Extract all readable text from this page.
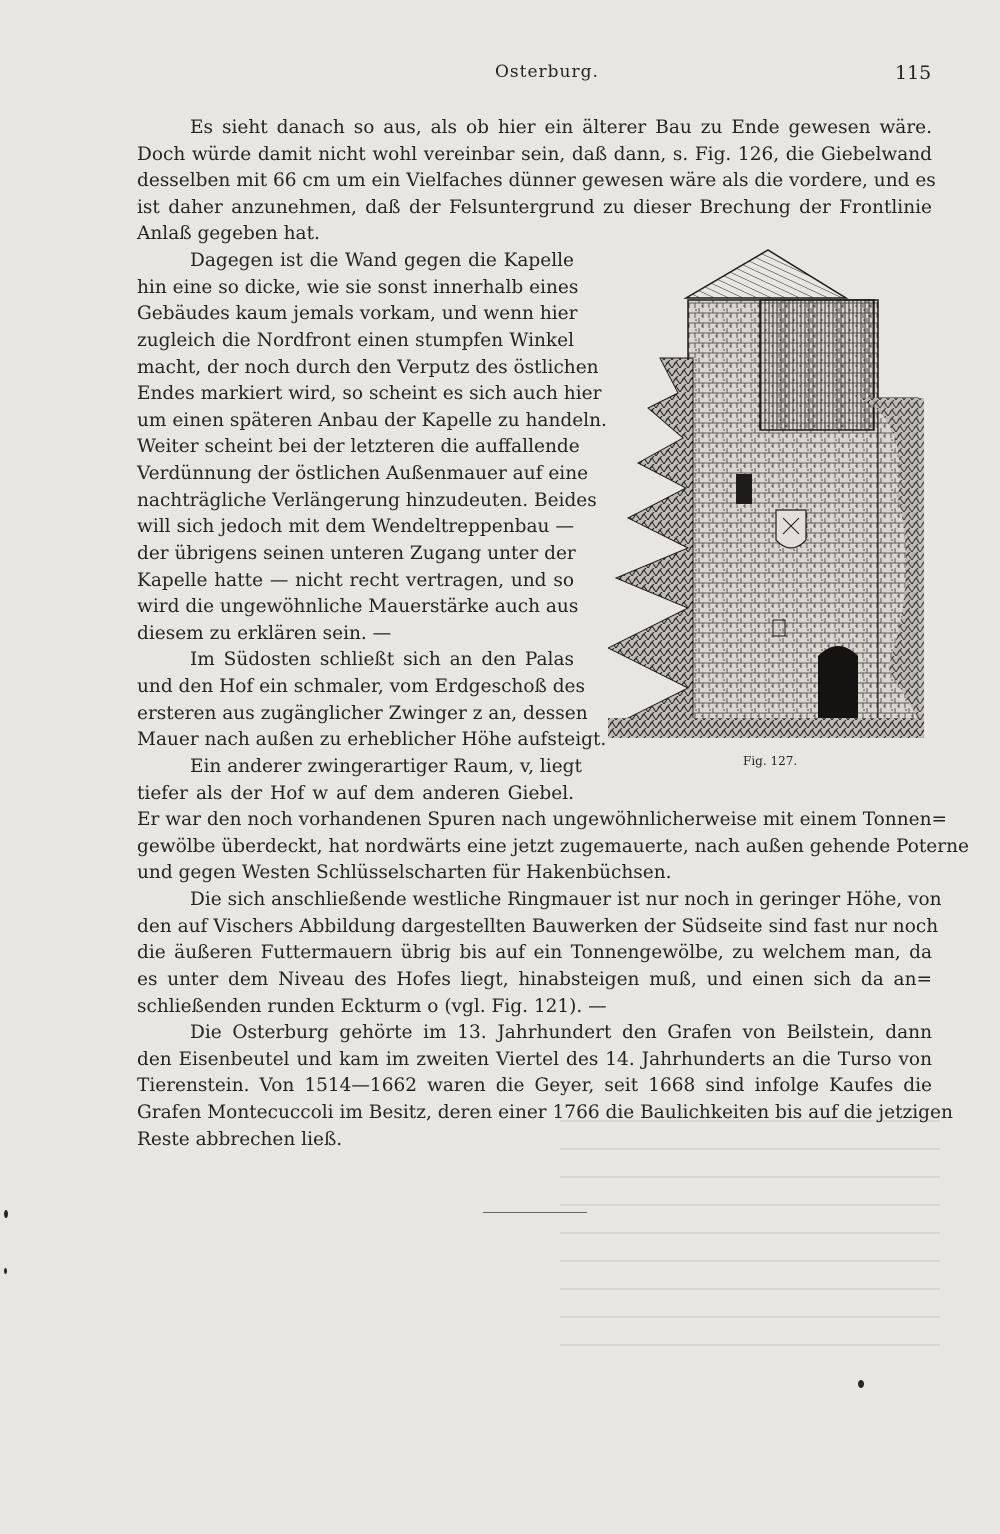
Osterburg.	115
Es sieht danach so aus, als ob hier ein älterer Bau zu Ende gewesen wäre.
Doch würde damit nicht wohl vereinbar sein, daß dann, s. Fig. 126, die Giebelwand
desselben mit 66 cm um ein Vielfaches dünner gewesen wäre als die vordere, und es
ist daher anzunehmen, daß der Felsuntergrund zu dieser Brechung der Frontlinie
Anlaß gegeben hat.
Dagegen ist die Wand gegen die Kapelle
hin eine so dicke, wie sie sonst innerhalb eines
Gebäudes kaum jemals vorkam, und wenn hier
zugleich die Nordfront einen stumpfen Winkel
macht, der noch durch den Verputz des östlichen
Endes markiert wird, so scheint es sich auch hier
um einen späteren Anbau der Kapelle zu handeln.
Weiter scheint bei der letzteren die auffallende
Verdünnung der östlichen Außenmauer auf eine
nachträgliche Verlängerung hinzudeuten. Beides
will sich jedoch mit dem Wendeltreppenbau —
der übrigens seinen unteren Zugang unter der
Kapelle hatte — nicht recht vertragen, und so
wird die ungewöhnliche Mauerstärke auch aus
diesem zu erklären sein. —
Im Südosten schließt sich an den Palas
und den Hof ein schmaler, vom Erdgeschoß des
ersteren aus zugänglicher Zwinger z an, dessen
Mauer nach außen zu erheblicher Höhe aufsteigt.
Ein anderer zwingerartiger Raum, v, liegt
tiefer als der Hof w auf dem anderen Giebel.
Er war den noch vorhandenen Spuren nach ungewöhnlicherweise mit einem Tonnen=
gewölbe überdeckt, hat nordwärts eine jetzt zugemauerte, nach außen gehende Poterne
und gegen Westen Schlüsselscharten für Hakenbüchsen.
Die sich anschließende westliche Ringmauer ist nur noch in geringer Höhe, von
den auf Vischers Abbildung dargestellten Bauwerken der Südseite sind fast nur noch
die äußeren Futtermauern übrig bis auf ein Tonnengewölbe, zu welchem man, da
es unter dem Niveau des Hofes liegt, hinabsteigen muß, und einen sich da an=
schließenden runden Eckturm o (vgl. Fig. 121). —
Die Osterburg gehörte im 13. Jahrhundert den Grafen von Beilstein, dann
den Eisenbeutel und kam im zweiten Viertel des 14. Jahrhunderts an die Turso von
Tierenstein. Von 1514—1662 waren die Geyer, seit 1668 sind infolge Kaufes die
Grafen Montecuccoli im Besitz, deren einer 1766 die Baulichkeiten bis auf die jetzigen
Reste abbrechen ließ.
Fig. 127.
